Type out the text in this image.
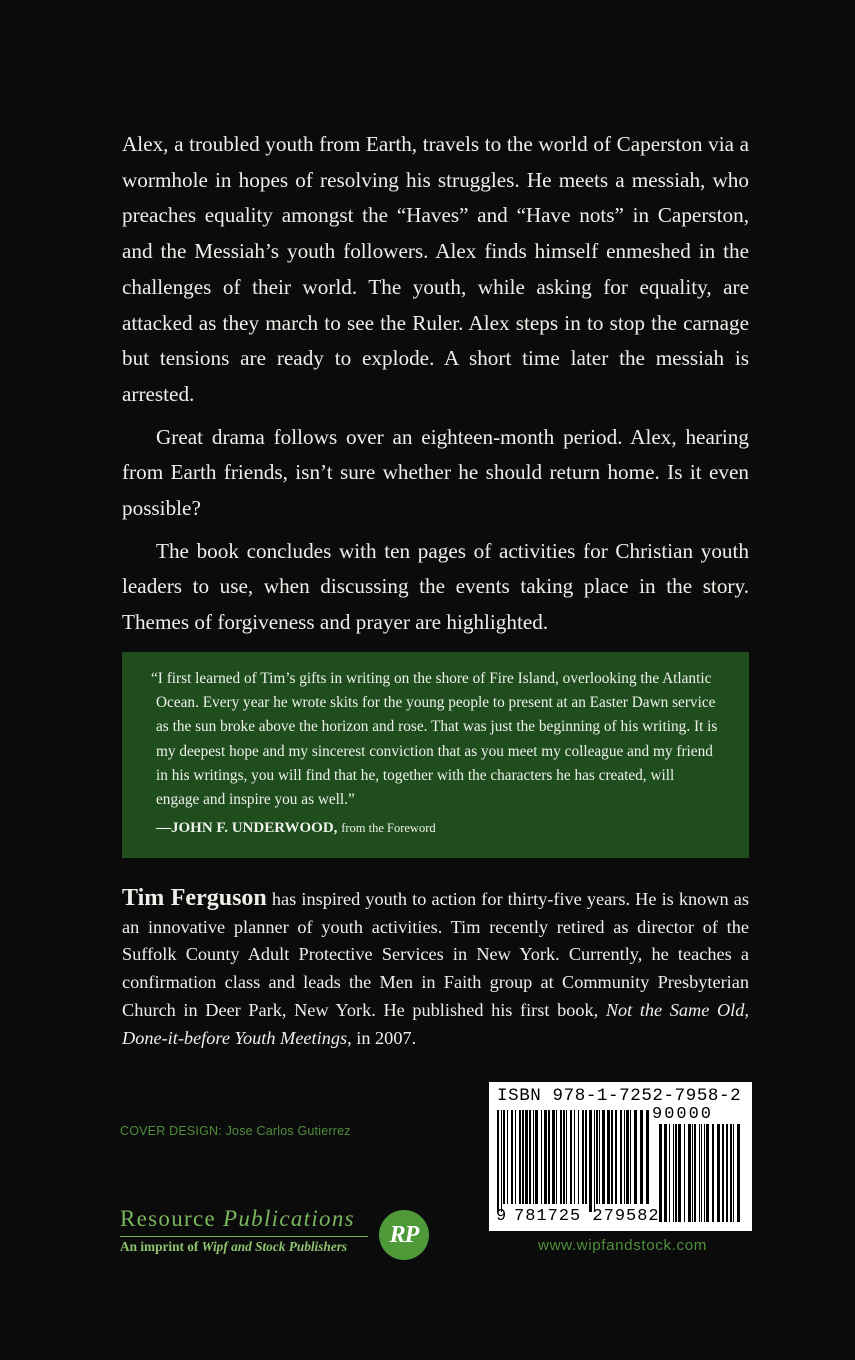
Alex, a troubled youth from Earth, travels to the world of Caperston via a wormhole in hopes of resolving his struggles. He meets a messiah, who preaches equality amongst the “Haves” and “Have nots” in Caperston, and the Messiah’s youth followers. Alex finds himself enmeshed in the challenges of their world. The youth, while asking for equality, are attacked as they march to see the Ruler. Alex steps in to stop the carnage but tensions are ready to explode. A short time later the messiah is arrested.

Great drama follows over an eighteen-month period. Alex, hearing from Earth friends, isn’t sure whether he should return home. Is it even possible?

The book concludes with ten pages of activities for Christian youth leaders to use, when discussing the events taking place in the story. Themes of forgiveness and prayer are highlighted.

“I first learned of Tim’s gifts in writing on the shore of Fire Island, overlooking the Atlantic Ocean. Every year he wrote skits for the young people to present at an Easter Dawn service as the sun broke above the horizon and rose. That was just the beginning of his writing. It is my deepest hope and my sincerest conviction that as you meet my colleague and my friend in his writings, you will find that he, together with the characters he has created, will engage and inspire you as well.”

—JOHN F. UNDERWOOD, from the Foreword

Tim Ferguson has inspired youth to action for thirty-five years. He is known as an innovative planner of youth activities. Tim recently retired as director of the Suffolk County Adult Protective Services in New York. Currently, he teaches a confirmation class and leads the Men in Faith group at Community Presbyterian Church in Deer Park, New York. He published his first book, Not the Same Old, Done-it-before Youth Meetings, in 2007.

COVER DESIGN: Jose Carlos Gutierrez
Resource Publications
An imprint of Wipf and Stock Publishers	RP
ISBN 978-1-7252-7958-2
90000
9 781725 279582
www.wipfandstock.com
